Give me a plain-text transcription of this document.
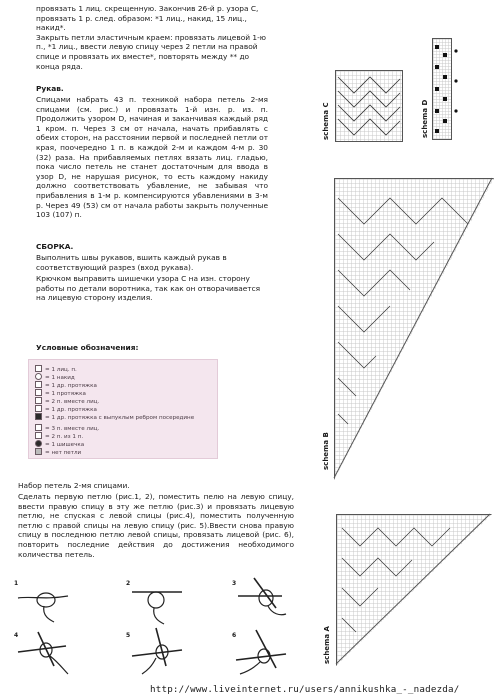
провязать 1 лиц. скрещенную. Закончив 26-й р. узора С, провязать 1 р. след. образом: *1 лиц., накид, 15 лиц., накид*.
Закрыть петли эластичным краем: провязать лицевой 1-ю п., *1 лиц., ввести левую спицу через 2 петли на правой спице и провязать их вместе*, повторять между ** до конца ряда.
Рукав.
Спицами набрать 43 п. техникой набора петель 2-мя спицами (см. рис.) и провязать 1-й изн. р. из. п. Продолжить узором D, начиная и заканчивая каждый ряд 1 кром. п. Через 3 см от начала, начать прибавлять с обеих сторон, на расстоянии первой и последней петли от края, поочередно 1 п. в каждой 2-м и каждом 4-м р. 30 (32) раза. На прибавляемых петлях вязать лиц. гладью, пока число петель не станет достаточным для ввода в узор D, не нарушая рисунок, то есть каждому накиду должно соответствовать убавление, не забывая что прибавления в 1-м р. компенсируются убавлениями в 3-м р. Через 49 (53) см от начала работы закрыть полученные 103 (107) п.
СБОРКА.
Выполнить швы рукавов, вшить каждый рукав в соответствующий разрез (вход рукава).
Крючком выправить шишечки узора С на изн. сторону работы по детали воротника, так как он отворачивается на лицевую сторону изделия.
Условные обозначения:
= 1 лиц. п.
= 1 накид
= 1 др. протяжка
= 1 протяжка
= 2 п. вместе лиц.
= 1 др. протяжка
= 1 др. протяжка с выпуклым ребром посередине
= 3 п. вместе лиц.
= 2 п. из 1 п.
= 1 шишечка
= нет петли
Набор петель 2-мя спицами.
Сделать первую петлю (рис.1, 2), поместить пелю на левую спицу, ввести правую спицу в эту же петлю (рис.3) и провязать лицевую петлю, не спуская с левой спицы (рис.4), поместить полученную петлю с правой спицы на левую спицу (рис. 5).Ввести снова правую спицу в последнюю петлю левой спицы, провязать лицевой (рис. 6), повторить последние действия до достижения необходимого количества петель.
schema C	schema D
schema B
schema A
1	2	3
4	5	6
http://www.liveinternet.ru/users/annikushka_-_nadezda/
